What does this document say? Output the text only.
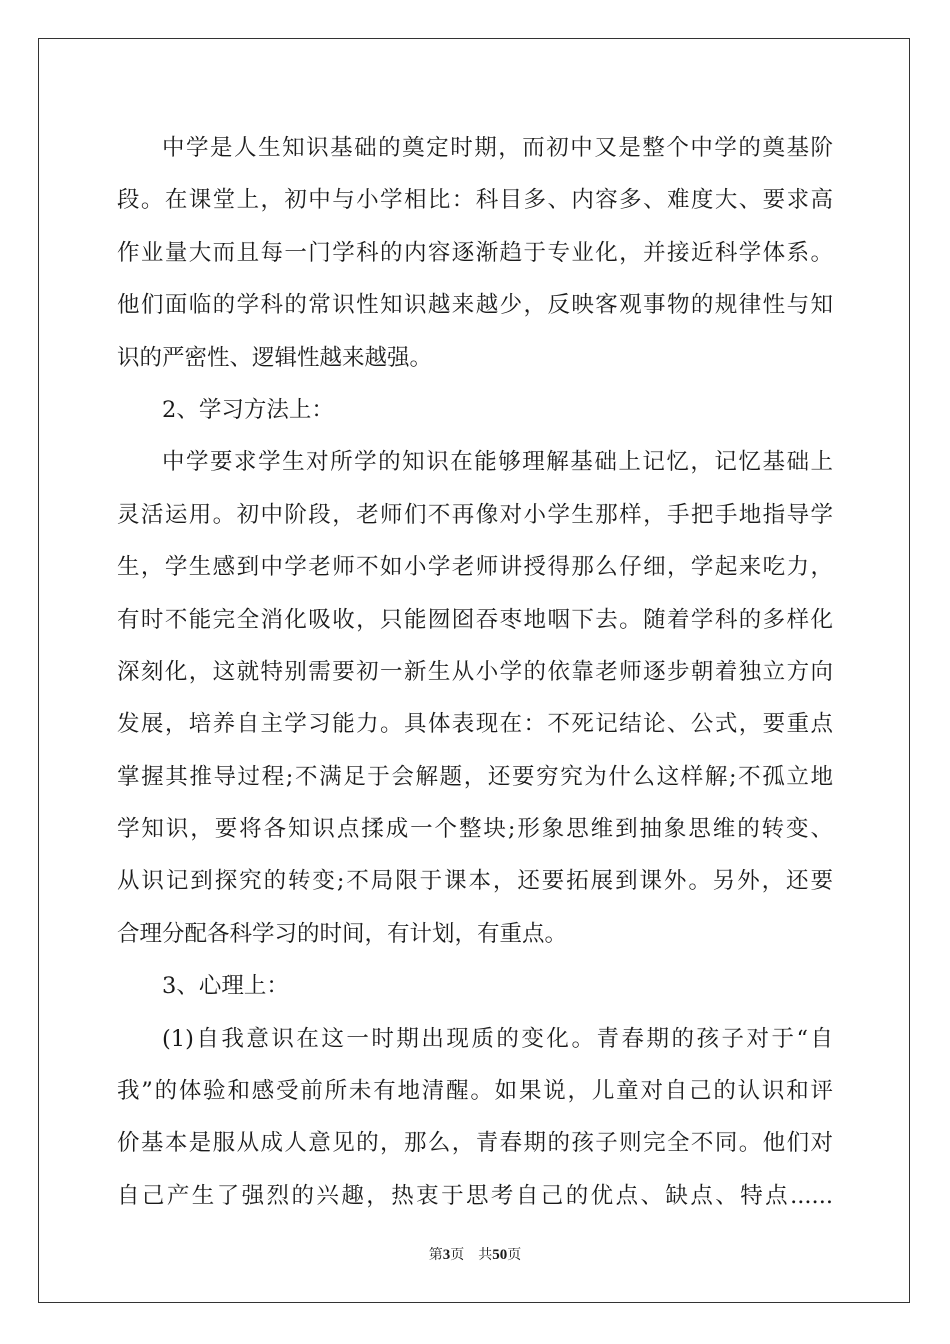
中学是人生知识基础的奠定时期，而初中又是整个中学的奠基阶
段。在课堂上，初中与小学相比：科目多、内容多、难度大、要求高
作业量大而且每一门学科的内容逐渐趋于专业化，并接近科学体系。
他们面临的学科的常识性知识越来越少，反映客观事物的规律性与知
识的严密性、逻辑性越来越强。
2、学习方法上：
中学要求学生对所学的知识在能够理解基础上记忆，记忆基础上
灵活运用。初中阶段，老师们不再像对小学生那样，手把手地指导学
生，学生感到中学老师不如小学老师讲授得那么仔细，学起来吃力，
有时不能完全消化吸收，只能囫囵吞枣地咽下去。随着学科的多样化
深刻化，这就特别需要初一新生从小学的依靠老师逐步朝着独立方向
发展，培养自主学习能力。具体表现在：不死记结论、公式，要重点
掌握其推导过程;不满足于会解题，还要穷究为什么这样解;不孤立地
学知识，要将各知识点揉成一个整块;形象思维到抽象思维的转变、
从识记到探究的转变;不局限于课本，还要拓展到课外。另外，还要
合理分配各科学习的时间，有计划，有重点。
3、心理上：
(1)自我意识在这一时期出现质的变化。青春期的孩子对于“自
我”的体验和感受前所未有地清醒。如果说，儿童对自己的认识和评
价基本是服从成人意见的，那么，青春期的孩子则完全不同。他们对
自己产生了强烈的兴趣，热衷于思考自己的优点、缺点、特点......
第3页 共50页
